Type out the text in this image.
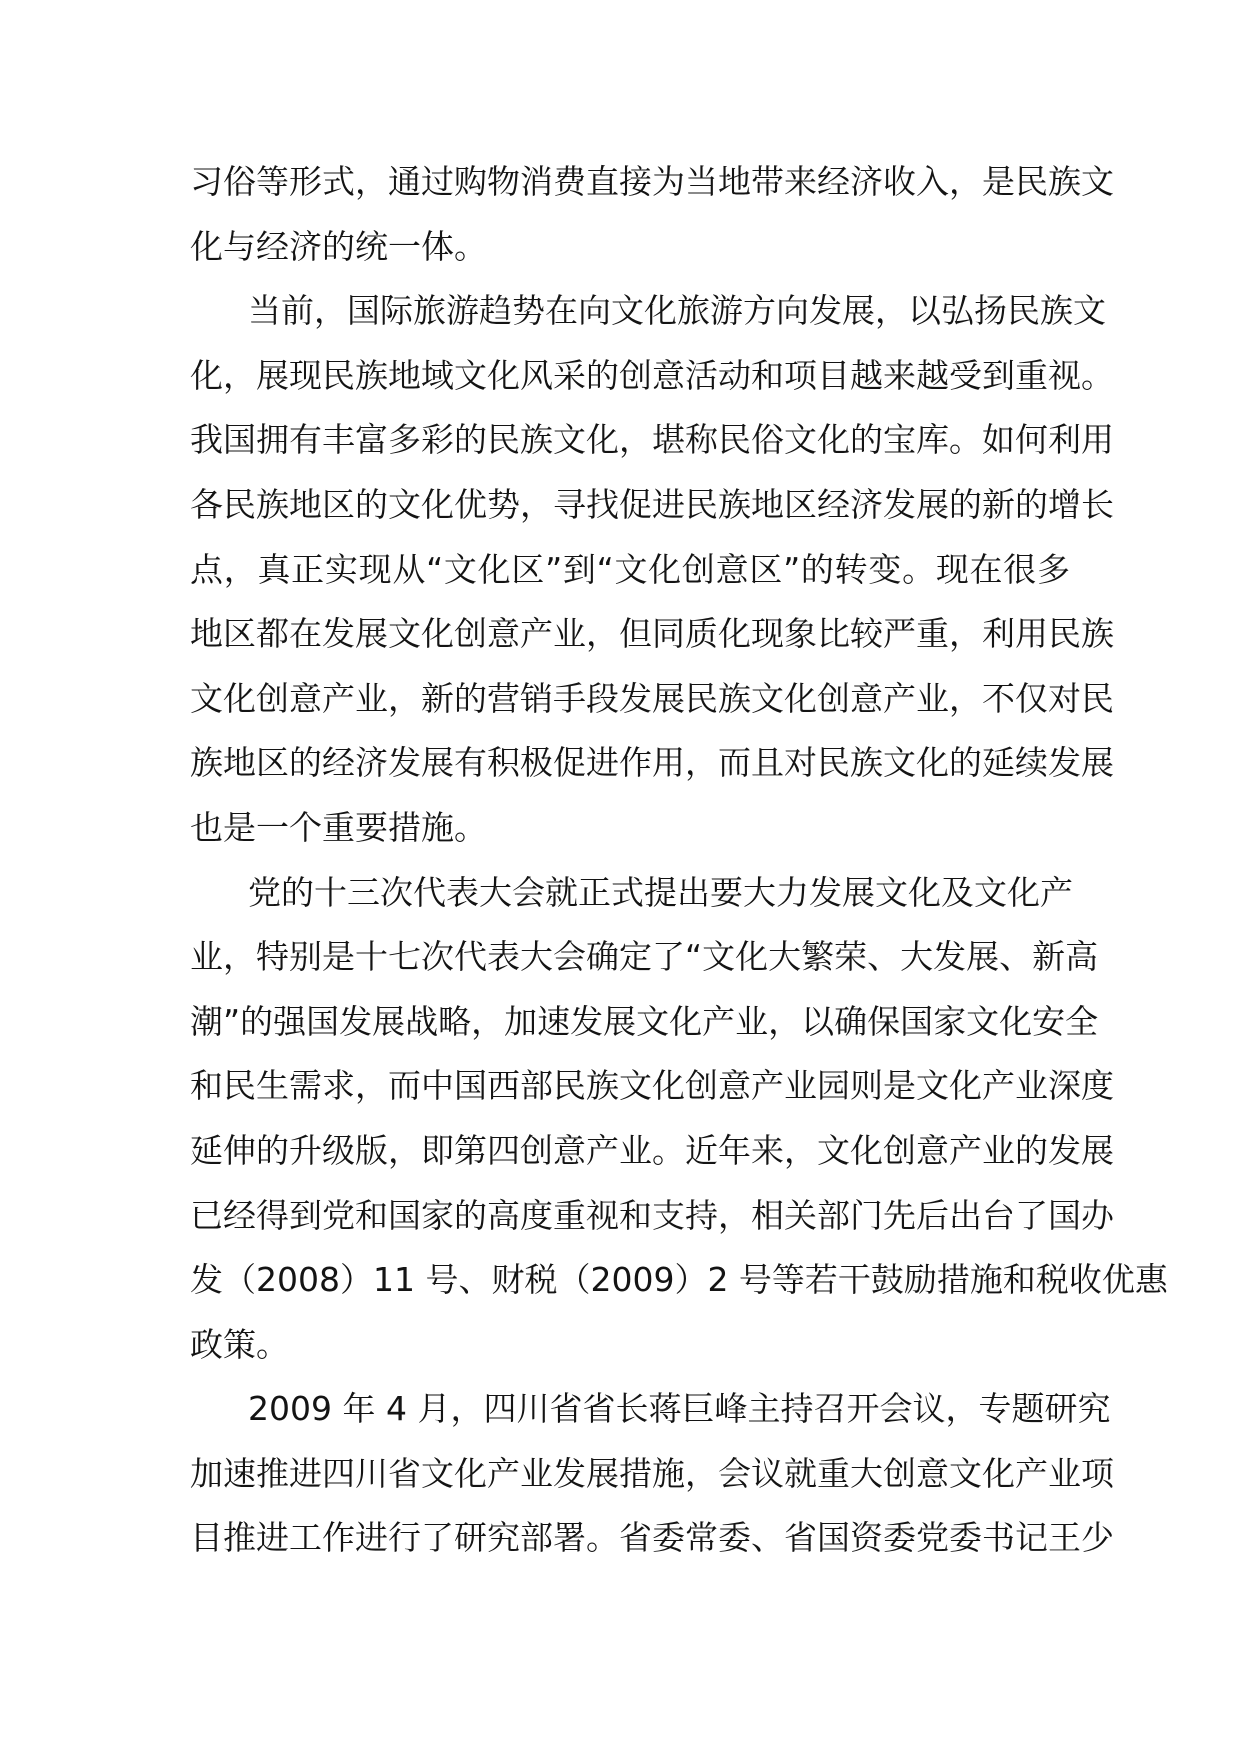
习俗等形式，通过购物消费直接为当地带来经济收入，是民族文
化与经济的统一体。
当前，国际旅游趋势在向文化旅游方向发展，以弘扬民族文
化，展现民族地域文化风采的创意活动和项目越来越受到重视。
我国拥有丰富多彩的民族文化，堪称民俗文化的宝库。如何利用
各民族地区的文化优势，寻找促进民族地区经济发展的新的增长
点，真正实现从“文化区”到“文化创意区”的转变。现在很多
地区都在发展文化创意产业，但同质化现象比较严重，利用民族
文化创意产业，新的营销手段发展民族文化创意产业，不仅对民
族地区的经济发展有积极促进作用，而且对民族文化的延续发展
也是一个重要措施。
党的十三次代表大会就正式提出要大力发展文化及文化产
业，特别是十七次代表大会确定了“文化大繁荣、大发展、新高
潮”的强国发展战略，加速发展文化产业，以确保国家文化安全
和民生需求，而中国西部民族文化创意产业园则是文化产业深度
延伸的升级版，即第四创意产业。近年来，文化创意产业的发展
已经得到党和国家的高度重视和支持，相关部门先后出台了国办
发（2008）11 号、财税（2009）2 号等若干鼓励措施和税收优惠
政策。
2009 年 4 月，四川省省长蒋巨峰主持召开会议，专题研究
加速推进四川省文化产业发展措施，会议就重大创意文化产业项
目推进工作进行了研究部署。省委常委、省国资委党委书记王少
